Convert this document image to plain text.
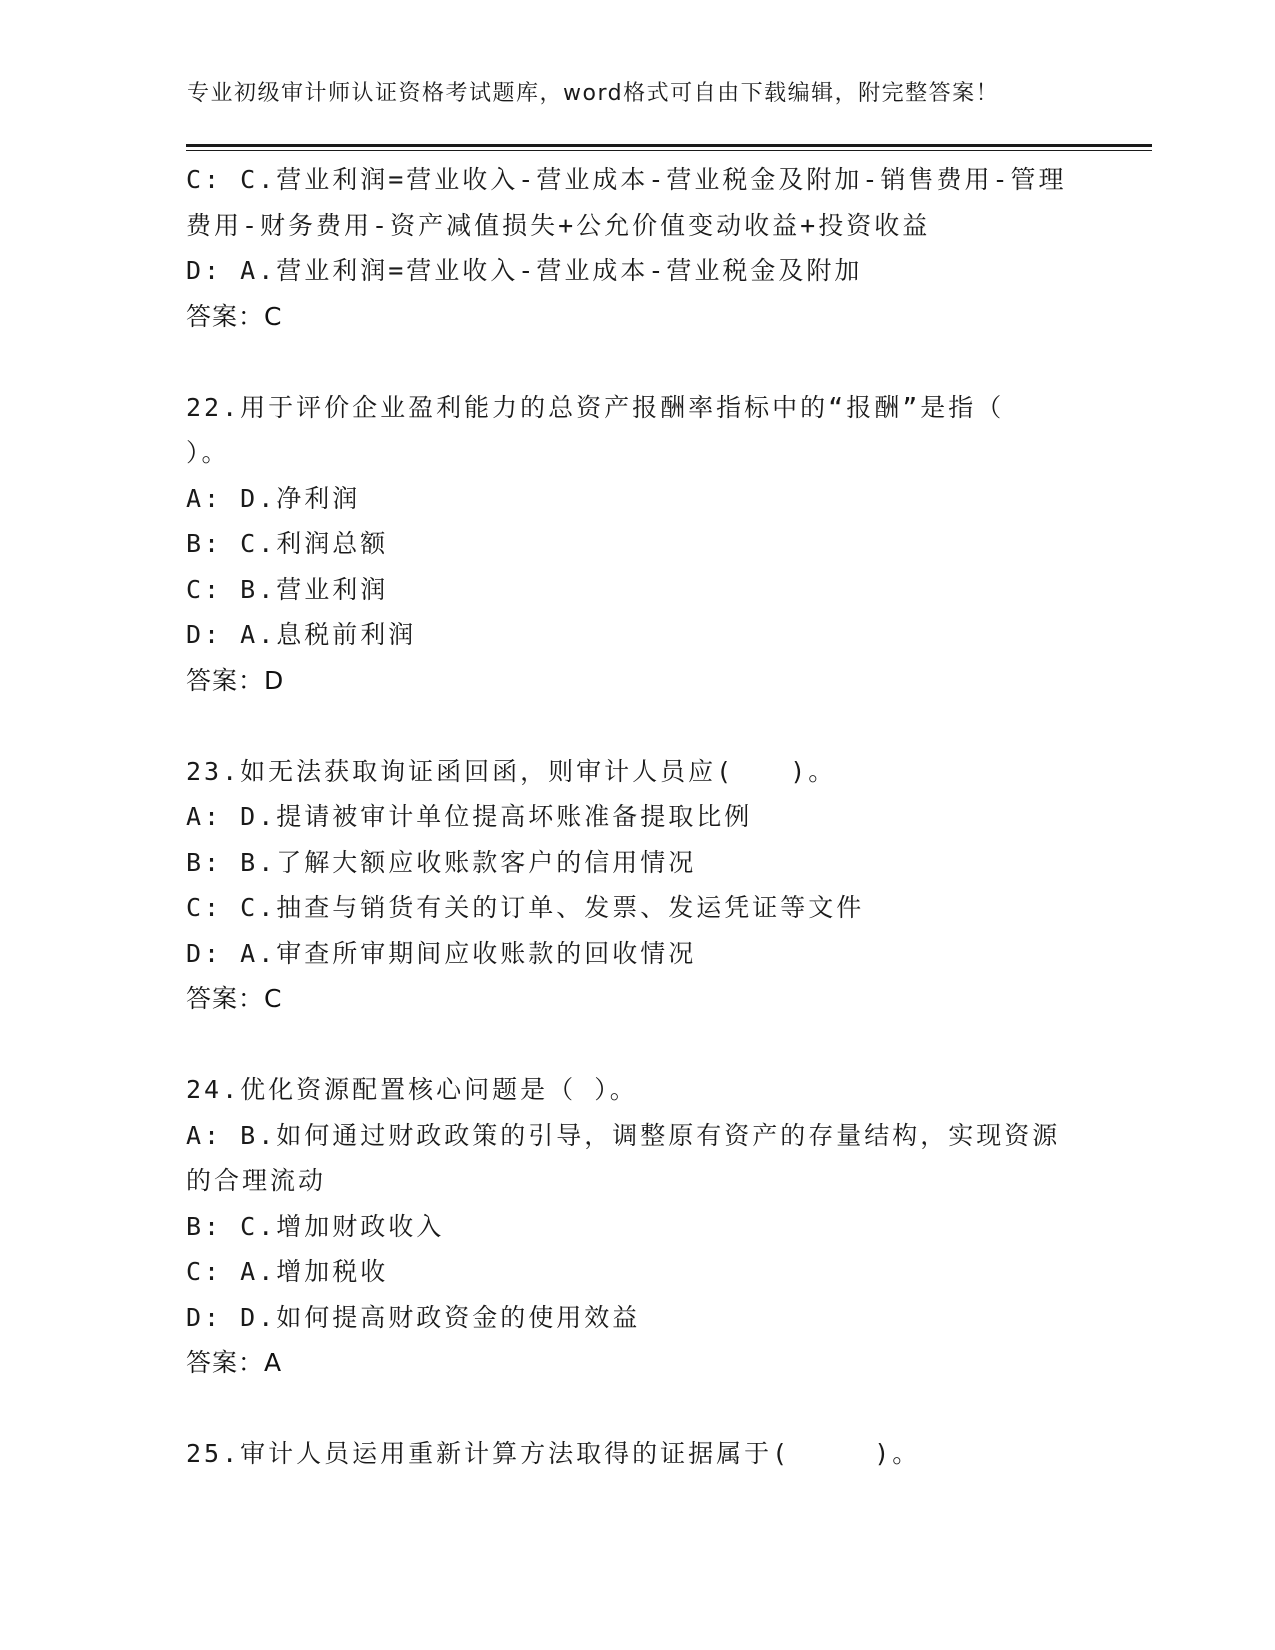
专业初级审计师认证资格考试题库，word格式可自由下载编辑，附完整答案！
C: C.营业利润=营业收入-营业成本-营业税金及附加-销售费用-管理
费用-财务费用-资产减值损失+公允价值变动收益+投资收益
D: A.营业利润=营业收入-营业成本-营业税金及附加
答案：C
22.用于评价企业盈利能力的总资产报酬率指标中的“报酬”是指（
）。
A: D.净利润
B: C.利润总额
C: B.营业利润
D: A.息税前利润
答案：D
23.如无法获取询证函回函，则审计人员应(　　)。
A: D.提请被审计单位提高坏账准备提取比例
B: B.了解大额应收账款客户的信用情况
C: C.抽查与销货有关的订单、发票、发运凭证等文件
D: A.审查所审期间应收账款的回收情况
答案：C
24.优化资源配置核心问题是（ ）。
A: B.如何通过财政政策的引导，调整原有资产的存量结构，实现资源
的合理流动
B: C.增加财政收入
C: A.增加税收
D: D.如何提高财政资金的使用效益
答案：A
25.审计人员运用重新计算方法取得的证据属于(　　　)。
